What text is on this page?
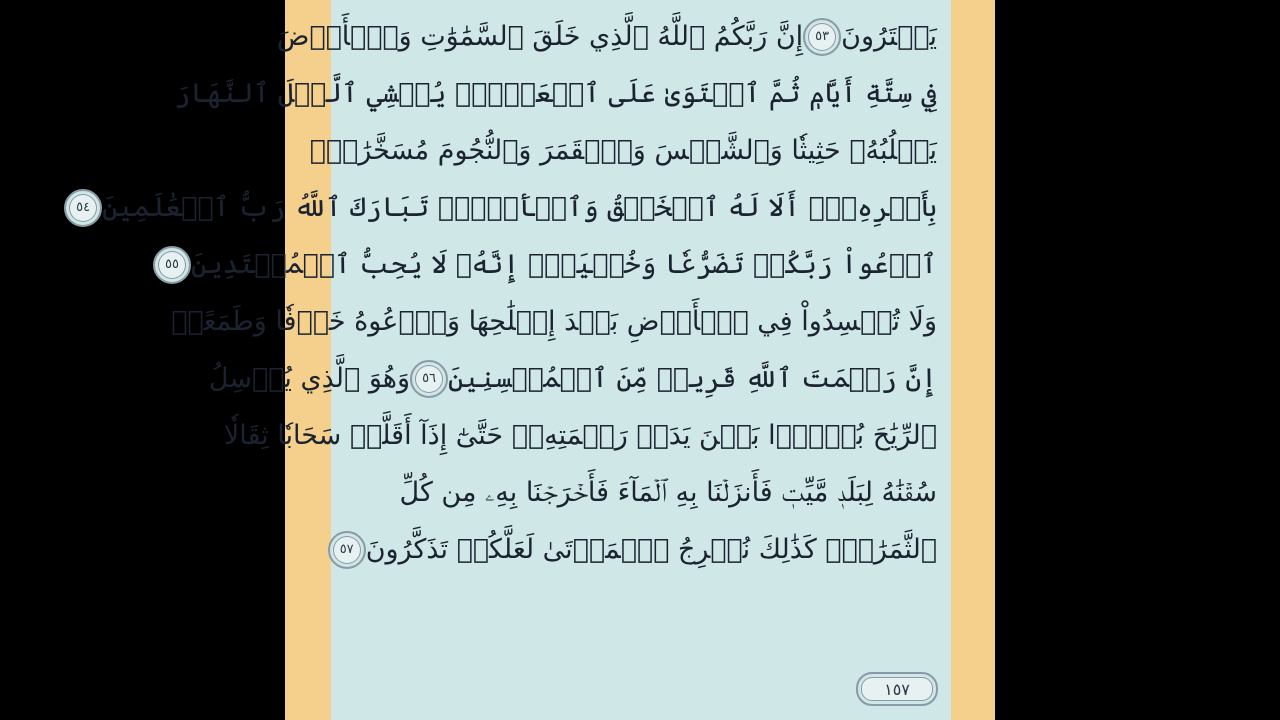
يَفۡتَرُونَ
٥٣
إِنَّ رَبَّكُمُ ٱللَّهُ ٱلَّذِي خَلَقَ ٱلسَّمَٰوَٰتِ وَٱلۡأَرۡضَ
فِي سِتَّةِ أَيَّامٖ ثُمَّ ٱسۡتَوَىٰ عَلَى ٱلۡعَرۡشِۖ يُغۡشِي ٱلَّيۡلَ ٱلنَّهَارَ
يَطۡلُبُهُۥ حَثِيثٗا وَٱلشَّمۡسَ وَٱلۡقَمَرَ وَٱلنُّجُومَ مُسَخَّرَٰتِۭ
بِأَمۡرِهِۦٓۗ أَلَا لَهُ ٱلۡخَلۡقُ وَٱلۡأَمۡرُۗ تَبَارَكَ ٱللَّهُ رَبُّ ٱلۡعَٰلَمِينَ
٥٤
ٱدۡعُواْ رَبَّكُمۡ تَضَرُّعٗا وَخُفۡيَةًۚ إِنَّهُۥ لَا يُحِبُّ ٱلۡمُعۡتَدِينَ
٥٥
وَلَا تُفۡسِدُواْ فِي ٱلۡأَرۡضِ بَعۡدَ إِصۡلَٰحِهَا وَٱدۡعُوهُ خَوۡفٗا وَطَمَعًاۚ
إِنَّ رَحۡمَتَ ٱللَّهِ قَرِيبٞ مِّنَ ٱلۡمُحۡسِنِينَ
٥٦
وَهُوَ ٱلَّذِي يُرۡسِلُ
ٱلرِّيَٰحَ بُشۡرَۢا بَيۡنَ يَدَيۡ رَحۡمَتِهِۦۖ حَتَّىٰٓ إِذَآ أَقَلَّتۡ سَحَابٗا ثِقَالٗا
سُقۡنَٰهُ لِبَلَدٖ مَّيِّتٖ فَأَنزَلۡنَا بِهِ ٱلۡمَآءَ فَأَخۡرَجۡنَا بِهِۦ مِن كُلِّ
ٱلثَّمَرَٰتِۚ كَذَٰلِكَ نُخۡرِجُ ٱلۡمَوۡتَىٰ لَعَلَّكُمۡ تَذَكَّرُونَ
٥٧
١٥٧
